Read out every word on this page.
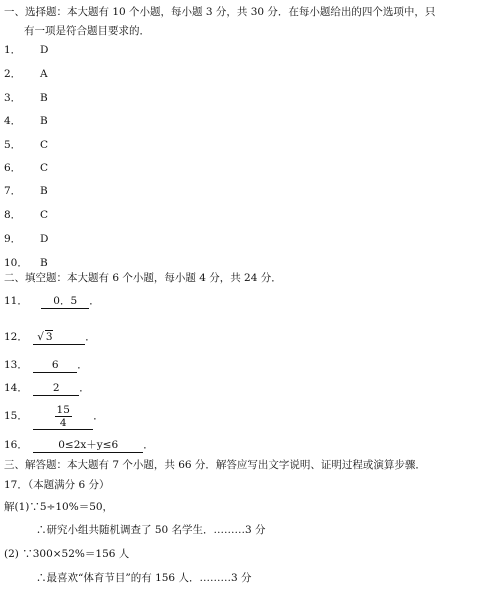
一、选择题：本大题有 10 个小题，每小题 3 分，共 30 分．在每小题给出的四个选项中，只
有一项是符合题目要求的．
1． D
2． A
3． B
4． B
5． C
6． C
7． B
8． C
9． D
10． B
二、填空题：本大题有 6 个小题，每小题 4 分，共 24 分．
11． 0．5 ．
12． √ 3	．
13． 6 ．
14． 2 ．
15．	$\frac{15}{4}$ ．
16．	0≤2x＋y≤6 ．
三、解答题：本大题有 7 个小题，共 66 分．解答应写出文字说明、证明过程或演算步骤．
17．（本题满分 6 分）
解(1)∵5÷10%＝50，
∴研究小组共随机调查了 50 名学生．………3 分
(2) ∵300×52%＝156 人
∴最喜欢“体育节目”的有 156 人．………3 分
